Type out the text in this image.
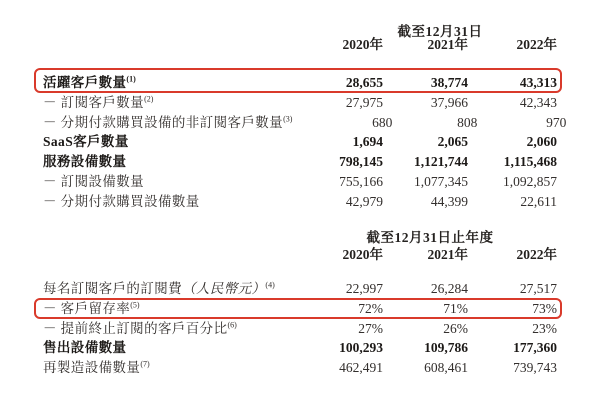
截至12月31日
2020年	2021年	2022年
活躍客戶數量$^{(1)}$	28,655	38,774	43,313
－ 訂閱客戶數量$^{(2)}$	27,975	37,966	42,343
－ 分期付款購買設備的非訂閱客戶數量$^{(3)}$	680	808	970
SaaS客戶數量	1,694	2,065	2,060
服務設備數量	798,145	1,121,744	1,115,468
－ 訂閱設備數量	755,166	1,077,345	1,092,857
－ 分期付款購買設備數量	42,979	44,399	22,611
截至12月31日止年度
2020年	2021年	2022年
每名訂閱客戶的訂閱費（人民幣元）$^{(4)}$	22,997	26,284	27,517
－ 客戶留存率$^{(5)}$	72%	71%	73%
－ 提前終止訂閱的客戶百分比$^{(6)}$	27%	26%	23%
售出設備數量	100,293	109,786	177,360
再製造設備數量$^{(7)}$	462,491	608,461	739,743
